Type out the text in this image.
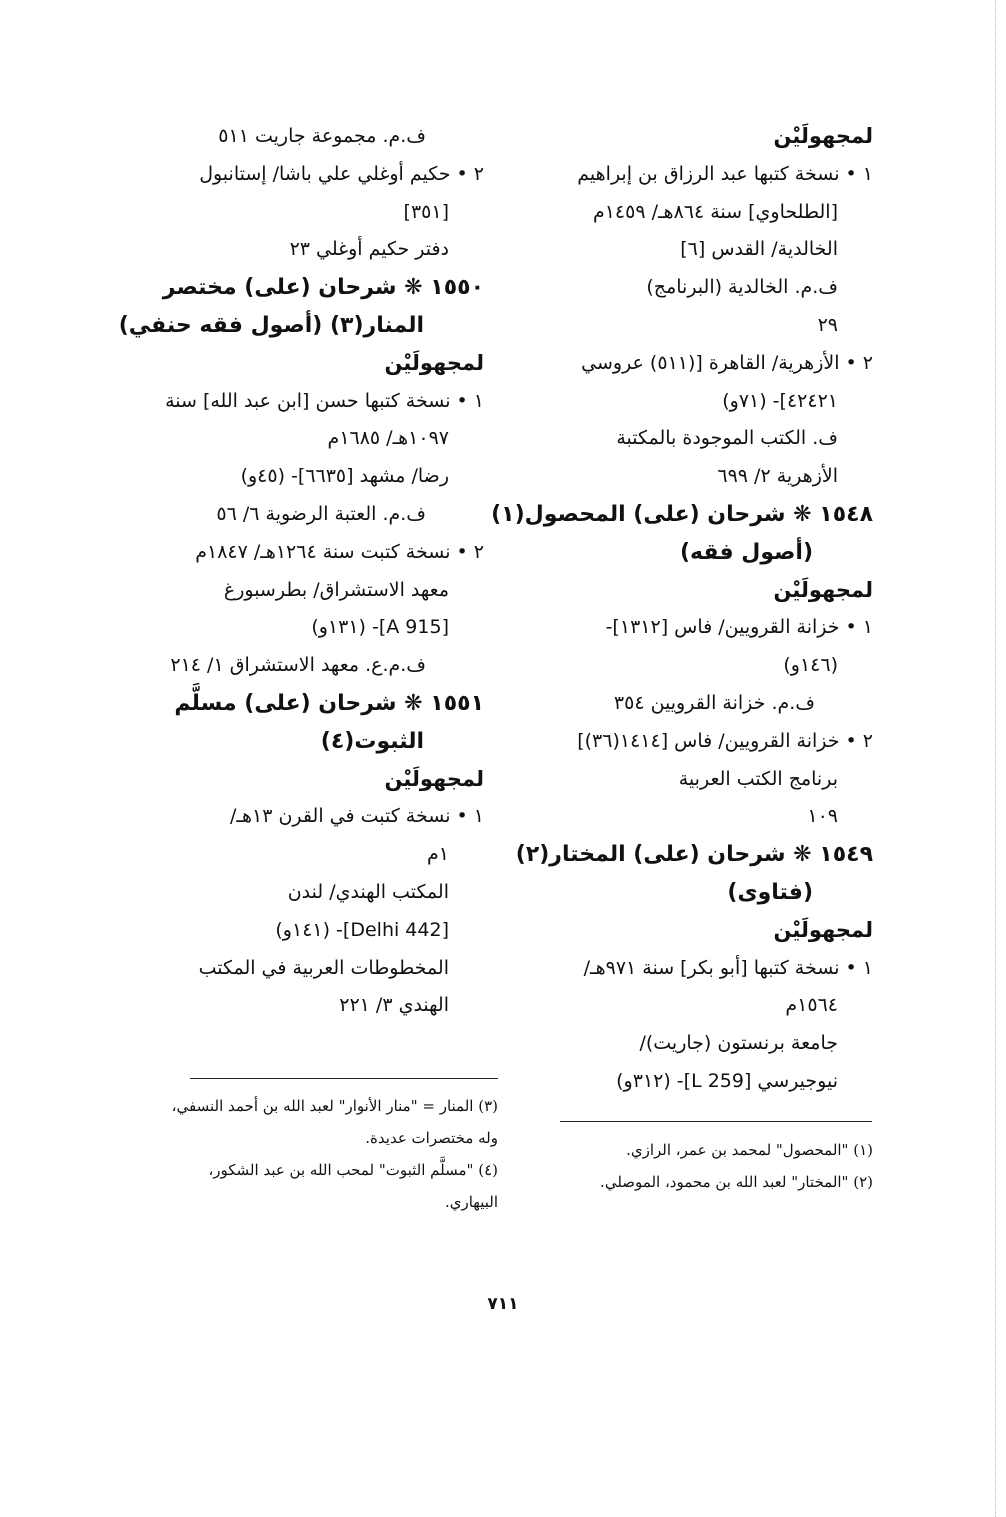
لمجهولَيْن
١ • نسخة كتبها عبد الرزاق بن إبراهيم
[الطلحاوي] سنة ٨٦٤هـ/ ١٤٥٩م
الخالدية/ القدس [٦]
ف.م. الخالدية (البرنامج)
٢٩
٢ • الأزهرية/ القاهرة [(٥١١) عروسي
٤٢٤٢١]- (٧١و)
ف. الكتب الموجودة بالمكتبة
الأزهرية ٢/ ٦٩٩
١٥٤٨ ❋ شرحان (على) المحصول(١)
(أصول فقه)
لمجهولَيْن
١ • خزانة القرويين/ فاس [١٣١٢]-
(١٤٦و)
ف.م. خزانة القرويين ٣٥٤
٢ • خزانة القرويين/ فاس [١٤١٤(٣٦)]
برنامج الكتب العربية
١٠٩
١٥٤٩ ❋ شرحان (على) المختار(٢)
(فتاوى)
لمجهولَيْن
١ • نسخة كتبها [أبو بكر] سنة ٩٧١هـ/
١٥٦٤م
جامعة برنستون (جاريت)/
نيوجيرسي [L 259]- (٣١٢و)
ف.م. مجموعة جاريت ٥١١
٢ • حكيم أوغلي علي باشا/ إستانبول
[٣٥١]
دفتر حكيم أوغلي ٢٣
١٥٥٠ ❋ شرحان (على) مختصر
المنار(٣) (أصول فقه حنفي)
لمجهولَيْن
١ • نسخة كتبها حسن [ابن عبد الله] سنة
١٠٩٧هـ/ ١٦٨٥م
رضا/ مشهد [٦٦٣٥]- (٤٥و)
ف.م. العتبة الرضوية ٦/ ٥٦
٢ • نسخة كتبت سنة ١٢٦٤هـ/ ١٨٤٧م
معهد الاستشراق/ بطرسبورغ
[A 915]- (١٣١و)
ف.م.ع. معهد الاستشراق ١/ ٢١٤
١٥٥١ ❋ شرحان (على) مسلَّم
الثبوت(٤)
لمجهولَيْن
١ • نسخة كتبت في القرن ١٣هـ/
١م
المكتب الهندي/ لندن
[Delhi 442]- (١٤١و)
المخطوطات العربية في المكتب
الهندي ٣/ ٢٢١
(١) "المحصول" لمحمد بن عمر، الرازي.
(٢) "المختار" لعبد الله بن محمود، الموصلي.
(٣) المنار = "منار الأنوار" لعبد الله بن أحمد النسفي،
وله مختصرات عديدة.
(٤) "مسلَّم الثبوت" لمحب الله بن عبد الشكور،
البيهاري.
٧١١
